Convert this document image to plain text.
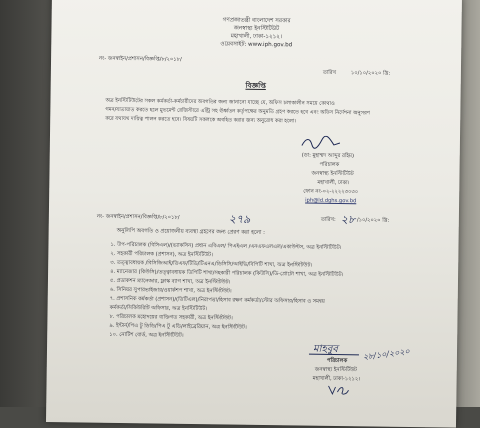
গণপ্রজাতন্ত্রী বাংলাদেশ সরকার
জনস্বাস্থ্য ইনস্টিটিউট
মহাখালী, ঢাকা-১২১২।
ওয়েবসাইট: www.iph.gov.bd
নং- জনস্বাইন/প্রশাসন/বিজ্ঞপ্তি/৮/২০১৮/
তারিখ	১০/১০/২০২০ খ্রি:
বিজ্ঞপ্তি
অত্র ইনস্টিটিউটের সকল কর্মকর্তা-কর্মচারীদের অবগতির জন্য জানানো যাচ্ছে যে, অফিস চলাকালীন সময়ে কোথাও
গমন/যাতায়াত করতে হলে মুভমেন্ট রেজিস্টারে এন্ট্রি সহ ঊর্ধ্বতন কর্তৃপক্ষের অনুমতি গ্রহণ করতে হবে এবং অফিস নির্দেশনা অনুসরণ
করে যথাযথ দায়িত্ব পালন করতে হবে। বিষয়টি সকলকে অবহিত করার জন্য অনুরোধ করা হলো।
(ডা: মুহাম্মদ আব্দুর রহিম)
পরিচালক
জনস্বাস্থ্য ইনস্টিটিউট
মহাখালী, ঢাকা।
ফোন নং-০২-২২২২৩০৩০
iph@ld.dghs.gov.bd
নং- জনস্বাইন/প্রশাসন/বিজ্ঞপ্তি/৮/২০১৮/	২৭৯	তারিখ: ২৮ /১০/২০২০ খ্রি:
অনুলিপি অবগতি ও প্রয়োজনীয় ব্যবস্থা গ্রহণের জন্য প্রেরণ করা হলো :
১. উপ-পরিচালক (বিসিএল)/(ভ্যাকসিন) প্রধান এবিএল/ পিএইএল /এনএফএলএল/একাউন্টস, অত্র ইনস্টিটিউট।
২. সহকারী পরিচালক (প্রশাসন), অত্র ইনস্টিটিউট।
৩. তত্ত্বাবধায়ক /বিসিজিআই/ডিএফ/টিডি/টিএনএ/ডিসিসি/আইভি/বিপিটি শাখা, অত্র ইনস্টিটিউট।
৪. ম্যানেজার (কিউসি)/তত্ত্বাবধায়ক ডিপিটি শাখা/সহকারী পরিচালক (কিউসি)/ডি-প্রোটো শাখা, অত্র ইনস্টিটিউট।
৫. প্রডাকশন ম্যানেজার, ফ্লাস্ক ব্যাগ শাখা, অত্র ইনস্টিটিউট।
৬. সিনিয়র সুপারভাইজার/ওয়ার্কশপ শাখা, অত্র ইনস্টিটিউট।
৭. প্রশাসনিক কর্মকর্তা (প্রশাসন)/(ডিটিএল)/নিরাপত্তা/হিসাব রক্ষণ কর্মকর্তা/স্টোর অফিসার/হিসাব ও সমন্বয়
কর্মকর্তা/সিকিউরিটি অফিসার, অত্র ইনস্টিটিউট।
৮. পরিচালক মহোদয়ের ব্যক্তিগত সহকারী, অত্র ইনস্টিটিউট।
৯. ইন্টার্ন/পিএ টু ডিডি/পিএ টু এডি/লাইব্রেরিয়ান, অত্র ইনস্টিটিউট।
১০. নোটিশ বোর্ড, অত্র ইনস্টিটিউট।
মাহবুব
পরিচালক
জনস্বাস্থ্য ইনস্টিটিউট
মহাখালী, ঢাকা-১২১২।
২৮/১০/২০২০
